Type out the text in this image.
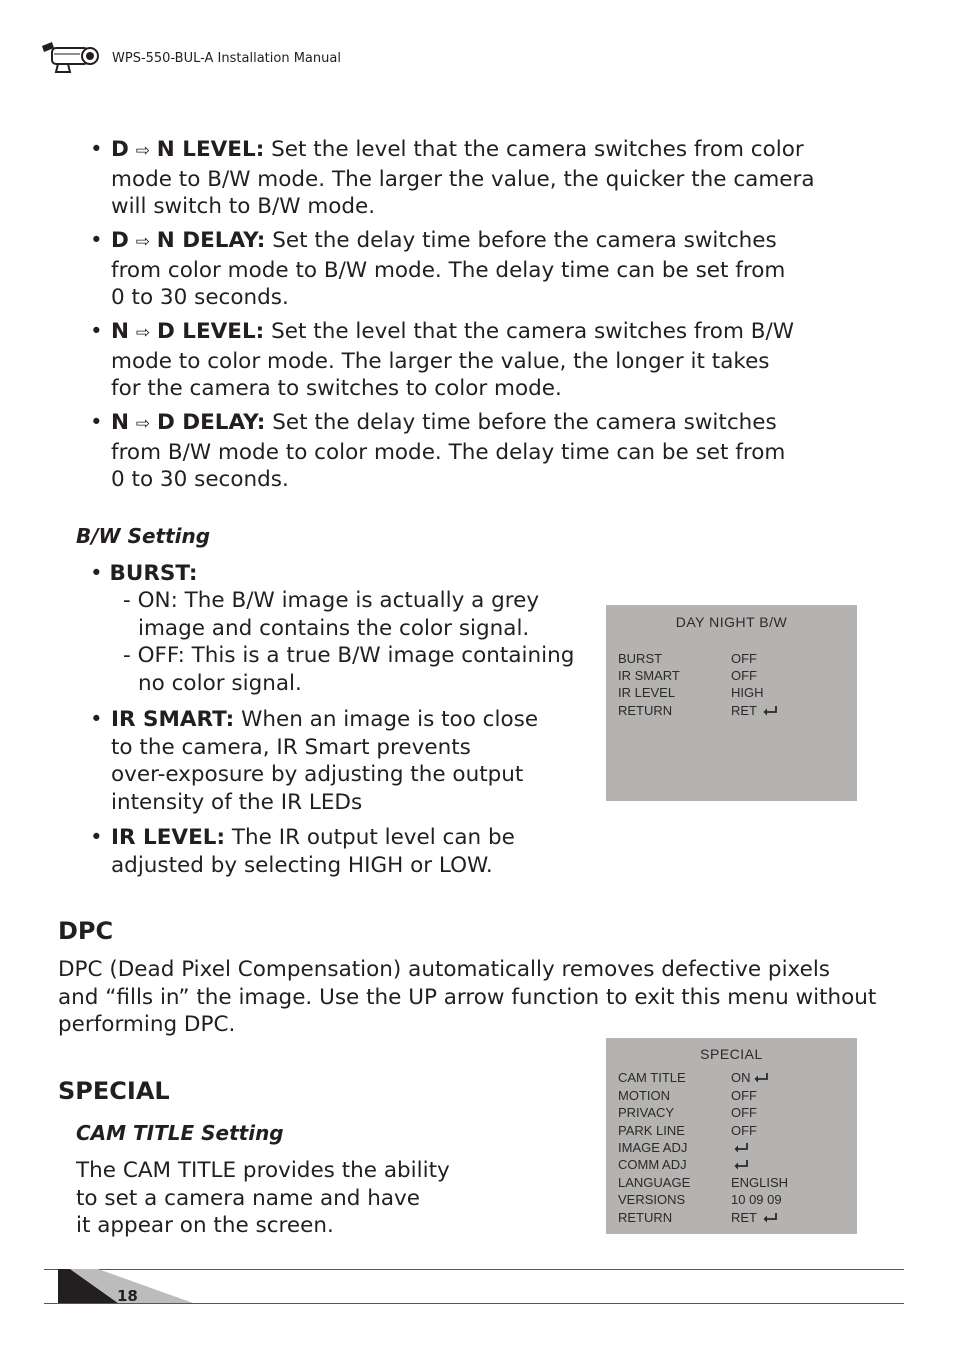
WPS-550-BUL-A Installation Manual
• D ⇨ N LEVEL: Set the level that the camera switches from color
mode to B/W mode. The larger the value, the quicker the camera
will switch to B/W mode.
• D ⇨ N DELAY: Set the delay time before the camera switches
from color mode to B/W mode. The delay time can be set from
0 to 30 seconds.
• N ⇨ D LEVEL: Set the level that the camera switches from B/W
mode to color mode. The larger the value, the longer it takes
for the camera to switches to color mode.
• N ⇨ D DELAY: Set the delay time before the camera switches
from B/W mode to color mode. The delay time can be set from
0 to 30 seconds.
B/W Setting
• BURST:
- ON: The B/W image is actually a grey
image and contains the color signal.
- OFF: This is a true B/W image containing
no color signal.
• IR SMART: When an image is too close
to the camera, IR Smart prevents
over-exposure by adjusting the output
intensity of the IR LEDs
• IR LEVEL: The IR output level can be
adjusted by selecting HIGH or LOW.
DAY NIGHT B/W
BURST	OFF
IR SMART	OFF
IR LEVEL	HIGH
RETURN	RET
DPC
DPC (Dead Pixel Compensation) automatically removes defective pixels
and “fills in” the image. Use the UP arrow function to exit this menu without
performing DPC.
SPECIAL
CAM TITLE Setting
The CAM TITLE provides the ability
to set a camera name and have
it appear on the screen.
SPECIAL
CAM TITLE	ON
MOTION	OFF
PRIVACY	OFF
PARK LINE	OFF
IMAGE ADJ
COMM ADJ
LANGUAGE	ENGLISH
VERSIONS	10 09 09
RETURN	RET
18
